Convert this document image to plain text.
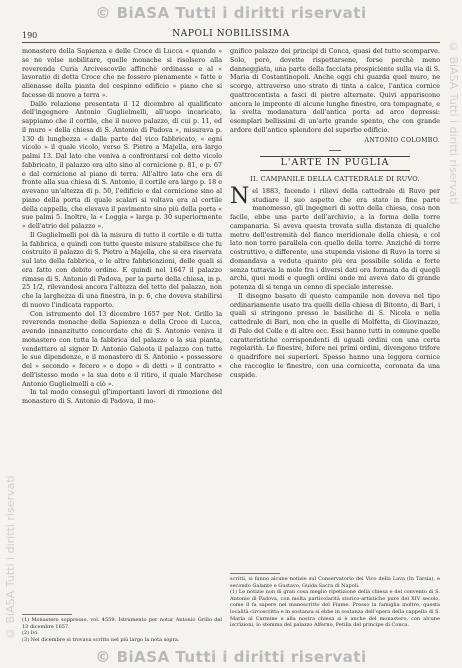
© BiASA Tutti i diritti riservati
© BiASA Tutti i diritti riservati
© BiASA Tutti i diritti riservati
190	NAPOLI NOBILISSIMA

monastero della Sapienza e delle Croce di Lucca « quando » se ne volse nobilitare, quelle monache si risolsero alla reverenda Curia Arcivescovile affinchè ordinasse e al « lavoratio di detta Croce che ne fossero pienamente » fatte e alienasse della pianta del cespinno edificio » piano che si facesse di nuove a terra ».

Dallo relazione presentata il 12 dicembre al qualificato dell'ingegnere Antonio Guglielmelli, all'uopo incaricato, sappiamo che il cortile, che il nuovo palazzo, di cui p. 11, ed il muro « della chiesa di S. Antonio di Padova », misurava p. 130 di lunghezza « dalla parte del vico fabbricato, « egni vicolo » il quale vicolo, verso S. Pietro a Majella, era largo palmi 13. Dal lato che veniva a confrontarsi col detto vicolo fabbricato, il palazzo era alto sino al cornicione p. 81, e p. 67 e dal cornicione al piano di terra. All'altro lato che era di fronte alla sua chiesa di S. Antonio, il cortile era largo p. 18 e avevano un'altezza di p. 50, l'edificio e dal cornicione sino al piano della porta di quale scalari si voltava era al cortile della cappella, che elevava il pavimento sino più della porta « sue palmi 5. Inoltre, la « Loggia » larga p. 30 superiormente « dell'atrio del palazzo ».

Il Guglielmelli poi dà la misura di tutto il cortile e di tutta la fabbrica, e quindi con tutte queste misure stabilisce che fu costruito il palazzo di S. Pietro a Majella, che si era riservata sul lato della fabbrica, e le altre fabbricazioni, delle quali si era fatto con debito ordine. E quindi nel 1647 il palazzo rimase di S. Antonio di Padova, per la parte della chiesa, in p. 25 1/2, rilevandosi ancora l'altezza del tetto del palazzo, non che la larghezza di una finestra, in p. 6, che doveva stabilirsi di nuovo l'indicata rapporto.

Con istrumento del 13 dicembre 1657 per Not. Grillo la reverenda monache della Sapienza e della Croce di Lucca, avendo innanzitutto concordato che di S. Antonio veniva il monastero con tutta la fabbrica del palazzo e la sua pianta, vendettero al signor D. Antonio Galeota il palazzo con tutte le sue dipendenze, e il monastero di S. Antonio « possessore del » secondo « fecero » e dopo « di detti » il contratto « dell'istesso modo » la sua dote e il ritiro, il quale Marchese Antonio Guglielmelli a ciò ».

In tal modo conseguì gl'importanti lavori di rimozione del monastero di S. Antonio di Padova, il mo-

(1) Monastero soppresso, vol. 4559. Istrumento per notar Antonio Grillo del 13 dicembre 1657.
(2) Ivi.
(3) Nel dicembre si trovava scritto nel più largo la nota sopra.

gnifico palazzo dei principi di Conca, quasi del tutto scomparve. Solo, però, dovette rispettarsene, forse perchè meno danneggiata, una parte della facciata prospiciente sulla via di S. Maria di Costantinopoli. Anche oggi chi guarda quel muro, ne scorge, attraverso uno strato di tinta a calce, l'antica cornice quattrocentista a fasci di pietre alternate. Quivi appariscono ancora le impronte di alcune lunghe finestre, ora tompagnate, e la svelta modanatura dell'antica porta ad arco depressi: esemplari bellissimi di un'arte grande spento, che con grande ardore dell'antico splendore del superbo edificio.

ANTONIO COLOMBO.
L'ARTE IN PUGLIA
II. CAMPANILE DELLA CATTEDRALE DI RUVO.

Nel 1883, facendo i rilievi della cattedrale di Ruvo per studiare il suo aspetto che era stato in fine parte manomesso, gli ingegneri di sotto della chiesa, cosa non facile, ebbe una parte dell'archivio, a la forma della torre campanaria. Si aveva questa trovata sulla distanza di qualche metro dell'estremità del fianco meridionale della chiesa, e col lato non torre parallela con quello della torre. Anziché di torre costruttivo, e differente, una stupenda visione di Ruvo la torre si domandava a veduta quanto più era possibile solida e forte senza tuttavia la mole fra i diversi dati ora formata da di quegli archi, quei modi e quegli ordini onde mi aveva dato di grande potenza di si tenga un cenno di speciale interesse.

Il disegno basato di questo campanile non doveva nel tipo ordinariamente usato tra quelli della chiesa di Bitonto, di Bari, i quali si stringono presso le basiliche di S. Nicola e nella cattedrale di Bari, non che in quelle di Molfetta, di Giovinazzo, di Palo del Colle e di altre ecc. Essi hanno tutti in comune quelle caratteristiche corrispondenti di uguali ordini con una certa regolarità. Le finestre, bifore nei primi ordini, divengono trifore e quadrifore nei superiori. Spesso hanno una leggera cornice che raccoglie le finestre, con una cornicetta, coronata da una cuspide.

scritti, si fanno alcune notizie sul Conservatorio dei Vico della Lava (In Tarsia), e secondo Galante e Gustavo, Guida Sacra di Napoli.
(1) Le notizie non di gran cosa meglio ripetizione della chiesa e del convento di S. Antonio di Padova, con molta particolarità storico-artistiche pure del XIV secolo, come il fa sapere nel manoscritto del Fiume. Presso la famiglia inoltre, questa località circoscritta e in sostanza si ebbe in sostanza dell'opera della cappella di S. Maria al Carmine e alla nostra chiesa si è anche del monastero, con alcune iscrizioni, lo stemma del palazzo Alferno, Petilia del principe di Conca.
© BiASA Tutti i diritti riservati
